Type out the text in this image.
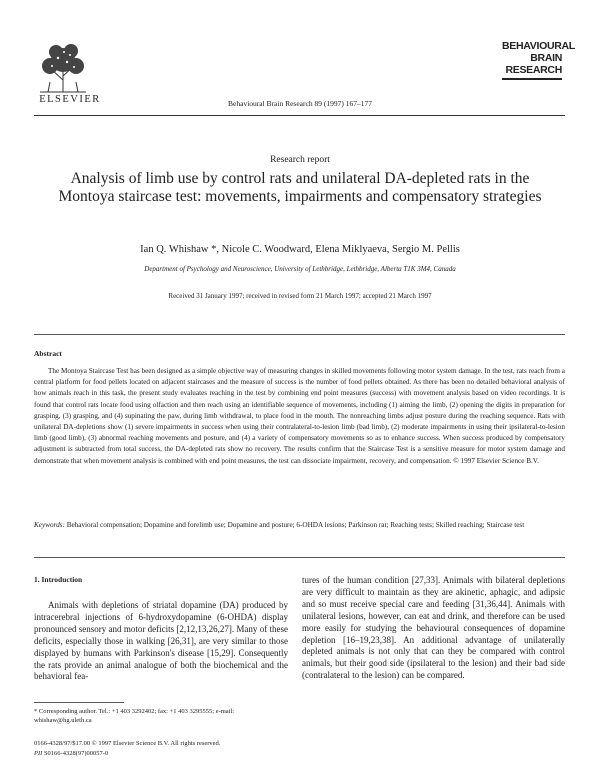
ELSEVIER	Behavioural Brain Research 89 (1997) 167–177
BEHAVIOURAL
BRAIN
RESEARCH
Research report
Analysis of limb use by control rats and unilateral DA-depleted rats in the Montoya staircase test: movements, impairments and compensatory strategies
Ian Q. Whishaw *, Nicole C. Woodward, Elena Miklyaeva, Sergio M. Pellis
Department of Psychology and Neuroscience, University of Lethbridge, Lethbridge, Alberta T1K 3M4, Canada
Received 31 January 1997; received in revised form 21 March 1997; accepted 21 March 1997
Abstract
The Montoya Staircase Test has been designed as a simple objective way of measuring changes in skilled movements following motor system damage. In the test, rats reach from a central platform for food pellets located on adjacent staircases and the measure of success is the number of food pellets obtained. As there has been no detailed behavioral analysis of how animals reach in this task, the present study evaluates reaching in the test by combining end point measures (success) with movement analysis based on video recordings. It is found that control rats locate food using olfaction and then reach using an identifiable sequence of movements, including (1) aiming the limb, (2) opening the digits in preparation for grasping, (3) grasping, and (4) supinating the paw, during limb withdrawal, to place food in the mouth. The nonreaching limbs adjust posture during the reaching sequence. Rats with unilateral DA-depletions show (1) severe impairments in success when using their contralateral-to-lesion limb (bad limb), (2) moderate impairments in using their ipsilateral-to-lesion limb (good limb), (3) abnormal reaching movements and posture, and (4) a variety of compensatory movements so as to enhance success. When success produced by compensatory adjustment is subtracted from total success, the DA-depleted rats show no recovery. The results confirm that the Staircase Test is a sensitive measure for motor system damage and demonstrate that when movement analysis is combined with end point measures, the test can dissociate impairment, recovery, and compensation. © 1997 Elsevier Science B.V.
Keywords: Behavioral compensation; Dopamine and forelimb use; Dopamine and posture; 6-OHDA lesions; Parkinson rat; Reaching tests; Skilled reaching; Staircase test
1. Introduction
Animals with depletions of striatal dopamine (DA) produced by intracerebral injections of 6-hydroxydopamine (6-OHDA) display pronounced sensory and motor deficits [2,12,13,26,27]. Many of these deficits, especially those in walking [26,31], are very similar to those displayed by humans with Parkinson's disease [15,29]. Consequently the rats provide an animal analogue of both the biochemical and the behavioral fea-
tures of the human condition [27,33]. Animals with bilateral depletions are very difficult to maintain as they are akinetic, aphagic, and adipsic and so must receive special care and feeding [31,36,44]. Animals with unilateral lesions, however, can eat and drink, and therefore can be used more easily for studying the behavioural consequences of dopamine depletion [16–19,23,38]. An additional advantage of unilaterally depleted animals is not only that can they be compared with control animals, but their good side (ipsilateral to the lesion) and their bad side (contralateral to the lesion) can be compared.
* Corresponding author. Tel.: +1 403 3292402; fax: +1 403 3295555; e-mail: whishaw@hg.uleth.ca
0166-4328/97/$17.00 © 1997 Elsevier Science B.V. All rights reserved.
PII S0166-4328(97)00057-0
